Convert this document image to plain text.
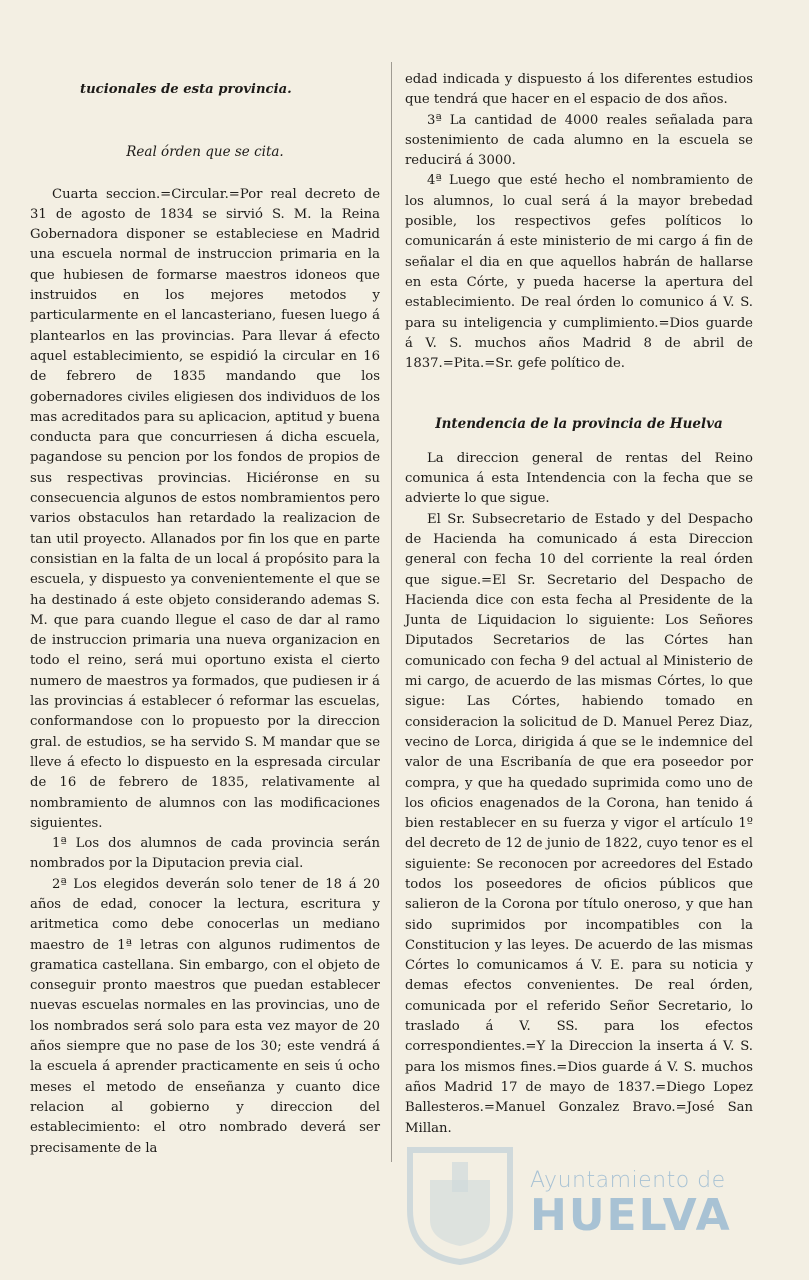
tucionales de esta provincia.
Real órden que se cita.

Cuarta seccion.=Circular.=Por real decreto de 31 de agosto de 1834 se sirvió S. M. la Reina Gobernadora disponer se estableciese en Madrid una escuela normal de instruccion primaria en la que hubiesen de formarse maestros idoneos que instruidos en los mejores metodos y particularmente en el lancasteriano, fuesen luego á plantearlos en las provincias. Para llevar á efecto aquel establecimiento, se espidió la circular en 16 de febrero de 1835 mandando que los gobernadores civiles eligiesen dos individuos de los mas acreditados para su aplicacion, aptitud y buena conducta para que concurriesen á dicha escuela, pagandose su pencion por los fondos de propios de sus respectivas provincias. Hiciéronse en su consecuencia algunos de estos nombramientos pero varios obstaculos han retardado la realizacion de tan util proyecto. Allanados por fin los que en parte consistian en la falta de un local á propósito para la escuela, y dispuesto ya convenientemente el que se ha destinado á este objeto considerando ademas S. M. que para cuando llegue el caso de dar al ramo de instruccion primaria una nueva organizacion en todo el reino, será mui oportuno exista el cierto numero de maestros ya formados, que pudiesen ir á las provincias á establecer ó reformar las escuelas, conformandose con lo propuesto por la direccion gral. de estudios, se ha servido S. M mandar que se lleve á efecto lo dispuesto en la espresada circular de 16 de febrero de 1835, relativamente al nombramiento de alumnos con las modificaciones siguientes.

1ª Los dos alumnos de cada provincia serán nombrados por la Diputacion previa cial.

2ª Los elegidos deverán solo tener de 18 á 20 años de edad, conocer la lectura, escritura y aritmetica como debe conocerlas un mediano maestro de 1ª letras con algunos rudimentos de gramatica castellana. Sin embargo, con el objeto de conseguir pronto maestros que puedan establecer nuevas escuelas normales en las provincias, uno de los nombrados será solo para esta vez mayor de 20 años siempre que no pase de los 30; este vendrá á la escuela á aprender practicamente en seis ú ocho meses el metodo de enseñanza y cuanto dice relacion al gobierno y direccion del establecimiento: el otro nombrado deverá ser precisamente de la

edad indicada y dispuesto á los diferentes estudios que tendrá que hacer en el espacio de dos años.

3ª La cantidad de 4000 reales señalada para sostenimiento de cada alumno en la escuela se reducirá á 3000.

4ª Luego que esté hecho el nombramiento de los alumnos, lo cual será á la mayor brebedad posible, los respectivos gefes políticos lo comunicarán á este ministerio de mi cargo á fin de señalar el dia en que aquellos habrán de hallarse en esta Córte, y pueda hacerse la apertura del establecimiento. De real órden lo comunico á V. S. para su inteligencia y cumplimiento.=Dios guarde á V. S. muchos años Madrid 8 de abril de 1837.=Pita.=Sr. gefe político de.

Intendencia de la provincia de Huelva

La direccion general de rentas del Reino comunica á esta Intendencia con la fecha que se advierte lo que sigue.

El Sr. Subsecretario de Estado y del Despacho de Hacienda ha comunicado á esta Direccion general con fecha 10 del corriente la real órden que sigue.=El Sr. Secretario del Despacho de Hacienda dice con esta fecha al Presidente de la Junta de Liquidacion lo siguiente: Los Señores Diputados Secretarios de las Córtes han comunicado con fecha 9 del actual al Ministerio de mi cargo, de acuerdo de las mismas Córtes, lo que sigue: Las Córtes, habiendo tomado en consideracion la solicitud de D. Manuel Perez Diaz, vecino de Lorca, dirigida á que se le indemnice del valor de una Escribanía de que era poseedor por compra, y que ha quedado suprimida como uno de los oficios enagenados de la Corona, han tenido á bien restablecer en su fuerza y vigor el artículo 1º del decreto de 12 de junio de 1822, cuyo tenor es el siguiente: Se reconocen por acreedores del Estado todos los poseedores de oficios públicos que salieron de la Corona por título oneroso, y que han sido suprimidos por incompatibles con la Constitucion y las leyes. De acuerdo de las mismas Córtes lo comunicamos á V. E. para su noticia y demas efectos convenientes. De real órden, comunicada por el referido Señor Secretario, lo traslado á V. SS. para los efectos correspondientes.=Y la Direccion la inserta á V. S. para los mismos fines.=Dios guarde á V. S. muchos años Madrid 17 de mayo de 1837.=Diego Lopez Ballesteros.=Manuel Gonzalez Bravo.=José San Millan.

Ayuntamiento de
HUELVA
